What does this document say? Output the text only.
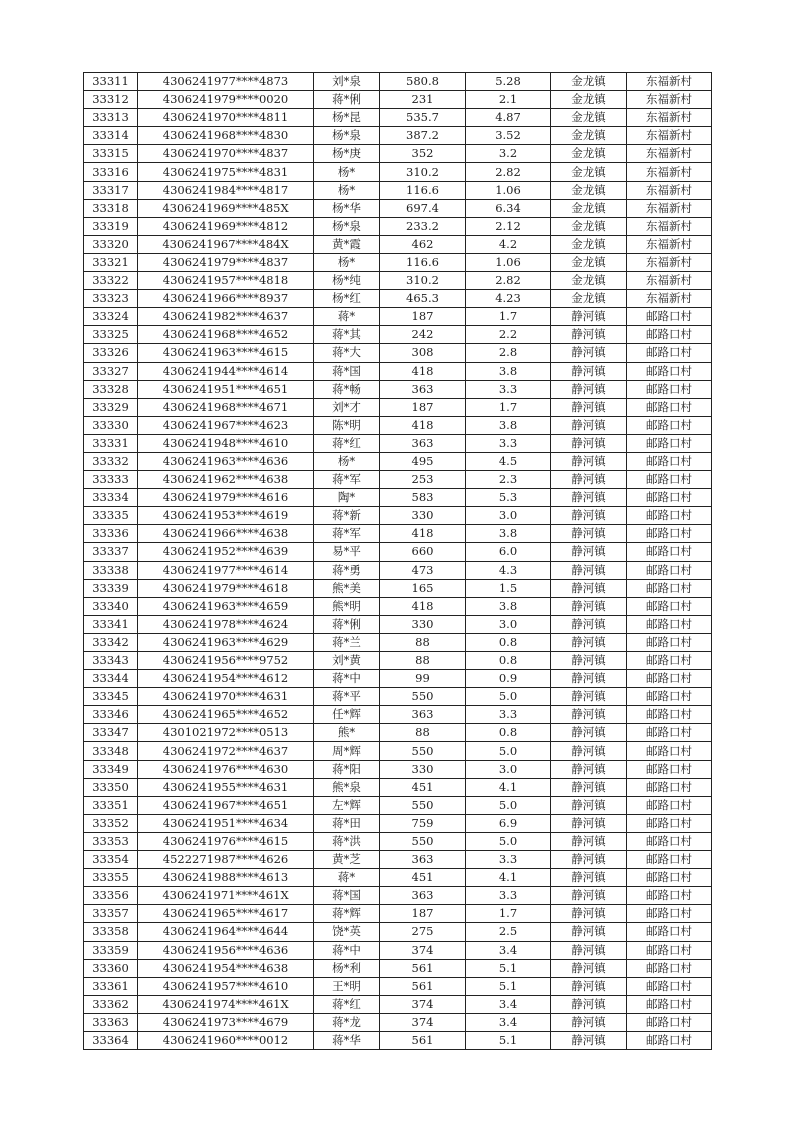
33311	4306241977****4873	刘*泉	580.8	5.28	金龙镇	东福新村
33312	4306241979****0020	蒋*俐	231	2.1	金龙镇	东福新村
33313	4306241970****4811	杨*昆	535.7	4.87	金龙镇	东福新村
33314	4306241968****4830	杨*泉	387.2	3.52	金龙镇	东福新村
33315	4306241970****4837	杨*庚	352	3.2	金龙镇	东福新村
33316	4306241975****4831	杨*	310.2	2.82	金龙镇	东福新村
33317	4306241984****4817	杨*	116.6	1.06	金龙镇	东福新村
33318	4306241969****485X	杨*华	697.4	6.34	金龙镇	东福新村
33319	4306241969****4812	杨*泉	233.2	2.12	金龙镇	东福新村
33320	4306241967****484X	黄*霞	462	4.2	金龙镇	东福新村
33321	4306241979****4837	杨*	116.6	1.06	金龙镇	东福新村
33322	4306241957****4818	杨*纯	310.2	2.82	金龙镇	东福新村
33323	4306241966****8937	杨*红	465.3	4.23	金龙镇	东福新村
33324	4306241982****4637	蒋*	187	1.7	静河镇	邮路口村
33325	4306241968****4652	蒋*其	242	2.2	静河镇	邮路口村
33326	4306241963****4615	蒋*大	308	2.8	静河镇	邮路口村
33327	4306241944****4614	蒋*国	418	3.8	静河镇	邮路口村
33328	4306241951****4651	蒋*畅	363	3.3	静河镇	邮路口村
33329	4306241968****4671	刘*才	187	1.7	静河镇	邮路口村
33330	4306241967****4623	陈*明	418	3.8	静河镇	邮路口村
33331	4306241948****4610	蒋*红	363	3.3	静河镇	邮路口村
33332	4306241963****4636	杨*	495	4.5	静河镇	邮路口村
33333	4306241962****4638	蒋*军	253	2.3	静河镇	邮路口村
33334	4306241979****4616	陶*	583	5.3	静河镇	邮路口村
33335	4306241953****4619	蒋*新	330	3.0	静河镇	邮路口村
33336	4306241966****4638	蒋*军	418	3.8	静河镇	邮路口村
33337	4306241952****4639	易*平	660	6.0	静河镇	邮路口村
33338	4306241977****4614	蒋*勇	473	4.3	静河镇	邮路口村
33339	4306241979****4618	熊*美	165	1.5	静河镇	邮路口村
33340	4306241963****4659	熊*明	418	3.8	静河镇	邮路口村
33341	4306241978****4624	蒋*俐	330	3.0	静河镇	邮路口村
33342	4306241963****4629	蒋*兰	88	0.8	静河镇	邮路口村
33343	4306241956****9752	刘*黄	88	0.8	静河镇	邮路口村
33344	4306241954****4612	蒋*中	99	0.9	静河镇	邮路口村
33345	4306241970****4631	蒋*平	550	5.0	静河镇	邮路口村
33346	4306241965****4652	任*辉	363	3.3	静河镇	邮路口村
33347	4301021972****0513	熊*	88	0.8	静河镇	邮路口村
33348	4306241972****4637	周*辉	550	5.0	静河镇	邮路口村
33349	4306241976****4630	蒋*阳	330	3.0	静河镇	邮路口村
33350	4306241955****4631	熊*泉	451	4.1	静河镇	邮路口村
33351	4306241967****4651	左*辉	550	5.0	静河镇	邮路口村
33352	4306241951****4634	蒋*田	759	6.9	静河镇	邮路口村
33353	4306241976****4615	蒋*洪	550	5.0	静河镇	邮路口村
33354	4522271987****4626	黄*芝	363	3.3	静河镇	邮路口村
33355	4306241988****4613	蒋*	451	4.1	静河镇	邮路口村
33356	4306241971****461X	蒋*国	363	3.3	静河镇	邮路口村
33357	4306241965****4617	蒋*辉	187	1.7	静河镇	邮路口村
33358	4306241964****4644	饶*英	275	2.5	静河镇	邮路口村
33359	4306241956****4636	蒋*中	374	3.4	静河镇	邮路口村
33360	4306241954****4638	杨*利	561	5.1	静河镇	邮路口村
33361	4306241957****4610	王*明	561	5.1	静河镇	邮路口村
33362	4306241974****461X	蒋*红	374	3.4	静河镇	邮路口村
33363	4306241973****4679	蒋*龙	374	3.4	静河镇	邮路口村
33364	4306241960****0012	蒋*华	561	5.1	静河镇	邮路口村
